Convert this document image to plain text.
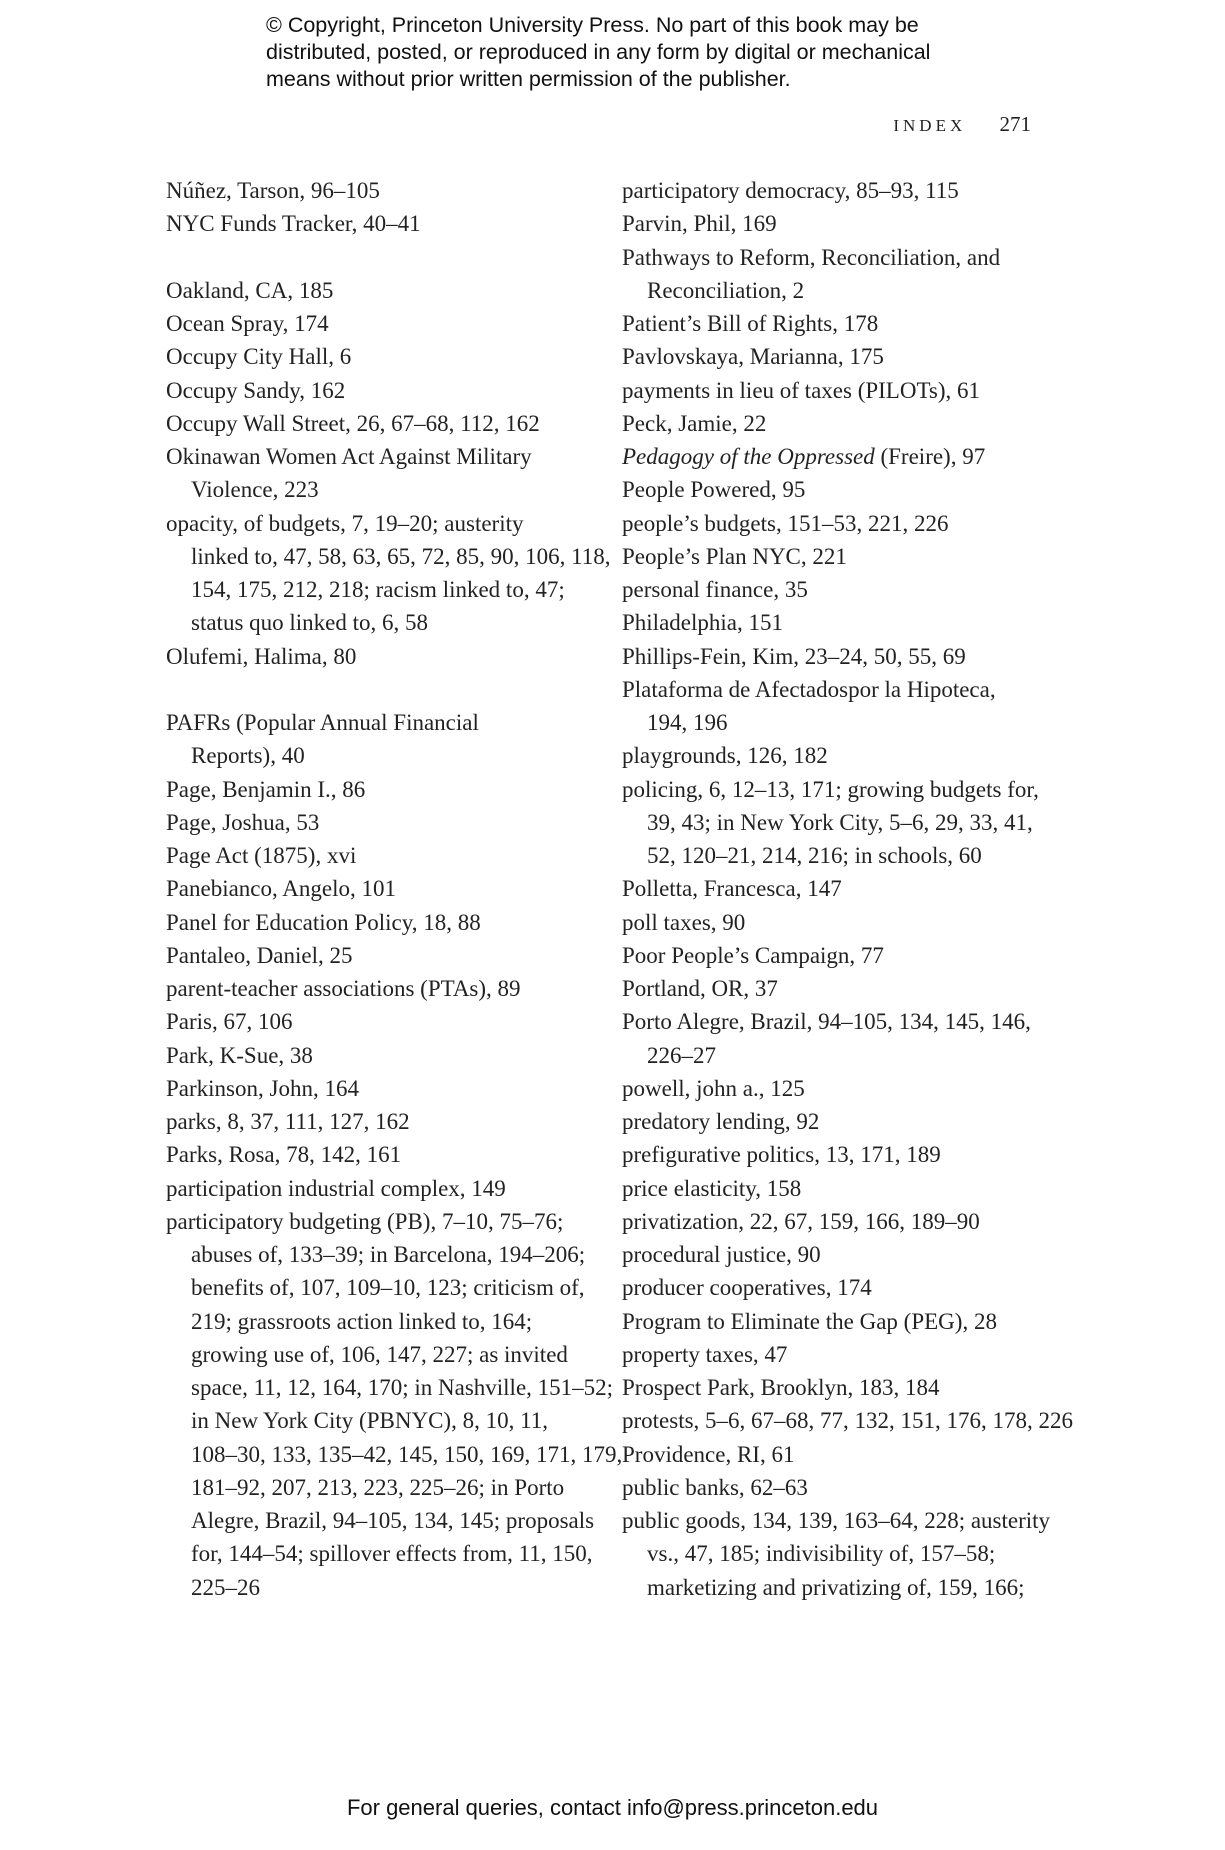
© Copyright, Princeton University Press. No part of this book may be
distributed, posted, or reproduced in any form by digital or mechanical
means without prior written permission of the publisher.
INDEX 271
Núñez, Tarson, 96–105
NYC Funds Tracker, 40–41
Oakland, CA, 185
Ocean Spray, 174
Occupy City Hall, 6
Occupy Sandy, 162
Occupy Wall Street, 26, 67–68, 112, 162
Okinawan Women Act Against Military
Violence, 223
opacity, of budgets, 7, 19–20; austerity
linked to, 47, 58, 63, 65, 72, 85, 90, 106, 118,
154, 175, 212, 218; racism linked to, 47;
status quo linked to, 6, 58
Olufemi, Halima, 80
PAFRs (Popular Annual Financial
Reports), 40
Page, Benjamin I., 86
Page, Joshua, 53
Page Act (1875), xvi
Panebianco, Angelo, 101
Panel for Education Policy, 18, 88
Pantaleo, Daniel, 25
parent-teacher associations (PTAs), 89
Paris, 67, 106
Park, K-Sue, 38
Parkinson, John, 164
parks, 8, 37, 111, 127, 162
Parks, Rosa, 78, 142, 161
participation industrial complex, 149
participatory budgeting (PB), 7–10, 75–76;
abuses of, 133–39; in Barcelona, 194–206;
benefits of, 107, 109–10, 123; criticism of,
219; grassroots action linked to, 164;
growing use of, 106, 147, 227; as invited
space, 11, 12, 164, 170; in Nashville, 151–52;
in New York City (PBNYC), 8, 10, 11,
108–30, 133, 135–42, 145, 150, 169, 171, 179,
181–92, 207, 213, 223, 225–26; in Porto
Alegre, Brazil, 94–105, 134, 145; proposals
for, 144–54; spillover effects from, 11, 150,
225–26
participatory democracy, 85–93, 115
Parvin, Phil, 169
Pathways to Reform, Reconciliation, and
Reconciliation, 2
Patient’s Bill of Rights, 178
Pavlovskaya, Marianna, 175
payments in lieu of taxes (PILOTs), 61
Peck, Jamie, 22
Pedagogy of the Oppressed (Freire), 97
People Powered, 95
people’s budgets, 151–53, 221, 226
People’s Plan NYC, 221
personal finance, 35
Philadelphia, 151
Phillips-Fein, Kim, 23–24, 50, 55, 69
Plataforma de Afectadospor la Hipoteca,
194, 196
playgrounds, 126, 182
policing, 6, 12–13, 171; growing budgets for,
39, 43; in New York City, 5–6, 29, 33, 41,
52, 120–21, 214, 216; in schools, 60
Polletta, Francesca, 147
poll taxes, 90
Poor People’s Campaign, 77
Portland, OR, 37
Porto Alegre, Brazil, 94–105, 134, 145, 146,
226–27
powell, john a., 125
predatory lending, 92
prefigurative politics, 13, 171, 189
price elasticity, 158
privatization, 22, 67, 159, 166, 189–90
procedural justice, 90
producer cooperatives, 174
Program to Eliminate the Gap (PEG), 28
property taxes, 47
Prospect Park, Brooklyn, 183, 184
protests, 5–6, 67–68, 77, 132, 151, 176, 178, 226
Providence, RI, 61
public banks, 62–63
public goods, 134, 139, 163–64, 228; austerity
vs., 47, 185; indivisibility of, 157–58;
marketizing and privatizing of, 159, 166;
For general queries, contact info@press.princeton.edu
